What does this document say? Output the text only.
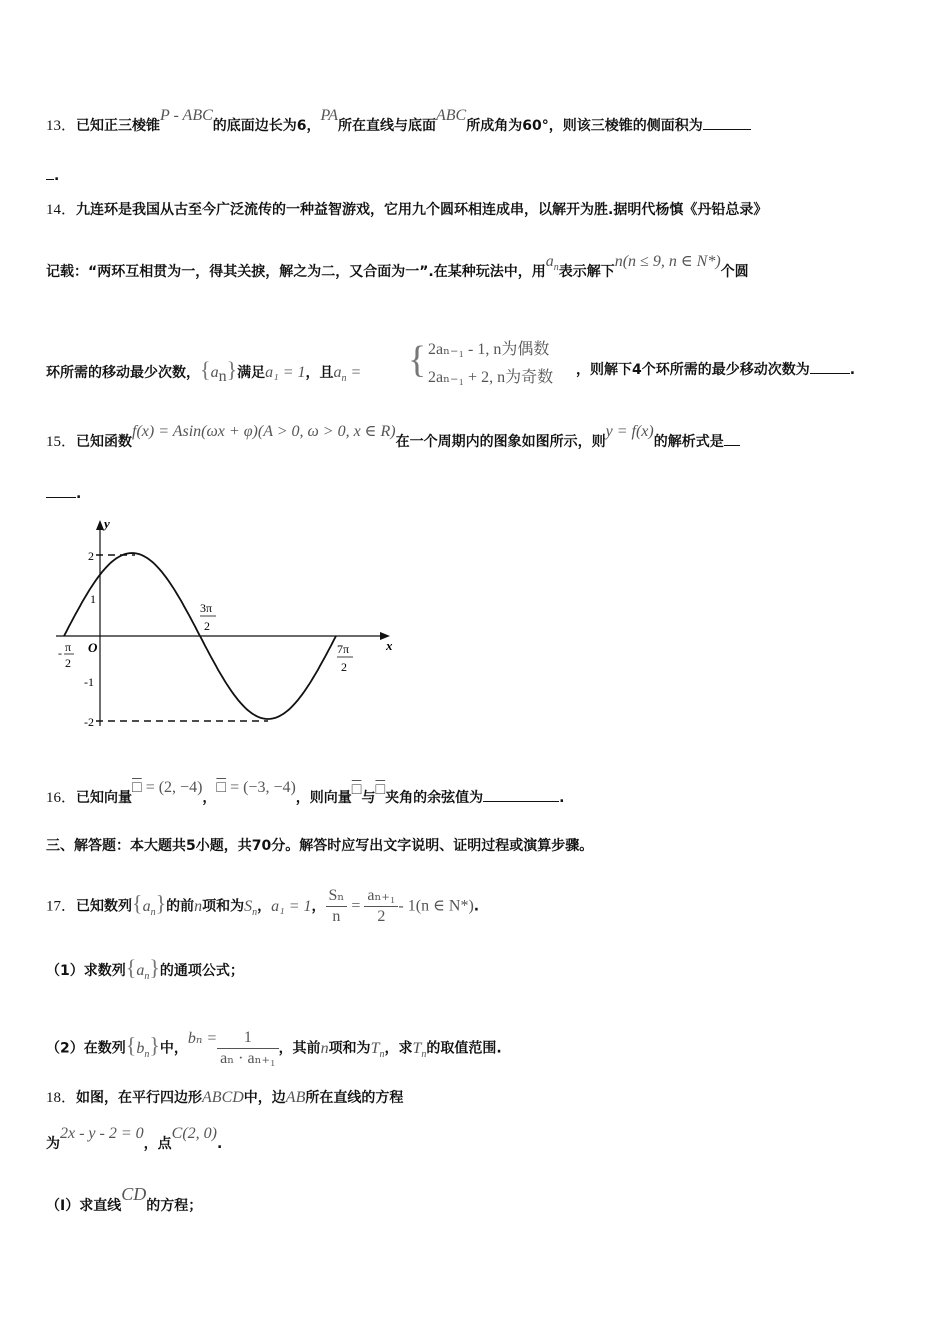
13．已知正三棱锥P - ABC的底面边长为6，PA所在直线与底面ABC所成角为60°，则该三棱锥的侧面积为
.
14．九连环是我国从古至今广泛流传的一种益智游戏，它用九个圆环相连成串，以解开为胜.据明代杨慎《丹铅总录》
记载：“两环互相贯为一，得其关捩，解之为二，又合面为一”.在某种玩法中，用$a_n$表示解下n(n ≤ 9, n ∈ N*)个圆
环所需的移动最少次数，$\{a_n\}$满足a₁ = 1，且$a_n$ = { 2aₙ₋₁ - 1, n为偶数
2aₙ₋₁ + 2, n为奇数 ，则解下4个环所需的最少移动次数为	.
15．已知函数f(x) = Asin(ωx + φ)(A > 0, ω > 0, x ∈ R)在一个周期内的图象如图所示，则y = f(x)的解析式是
.
y
x
O
2
1
-1
-2
- π
2
3π
2
7π
2
16．已知向量□ = (2, −4)，□ = (−3, −4)，则向量□与□夹角的余弦值为	.
三、解答题：本大题共5小题，共70分。解答时应写出文字说明、证明过程或演算步骤。
17．已知数列$\{a_n\}$的前n项和为$S_n$，a₁ = 1， $\frac{\text{Sₙ}}{n} = \frac{\text{aₙ₊₁}}{2} - 1(n$ ∈ N*).
（1）求数列$\{a_n\}$的通项公式；
（2）在数列$\{b_n\}$中，$b_n = \frac{1}{\text{aₙ · aₙ₊₁}}$ ，其前n项和为$T_n$，求$T_n$的取值范围.
18．如图，在平行四边形ABCD中，边AB所在直线的方程
为2x - y - 2 = 0，点C(2, 0).
（Ⅰ）求直线CD的方程；
